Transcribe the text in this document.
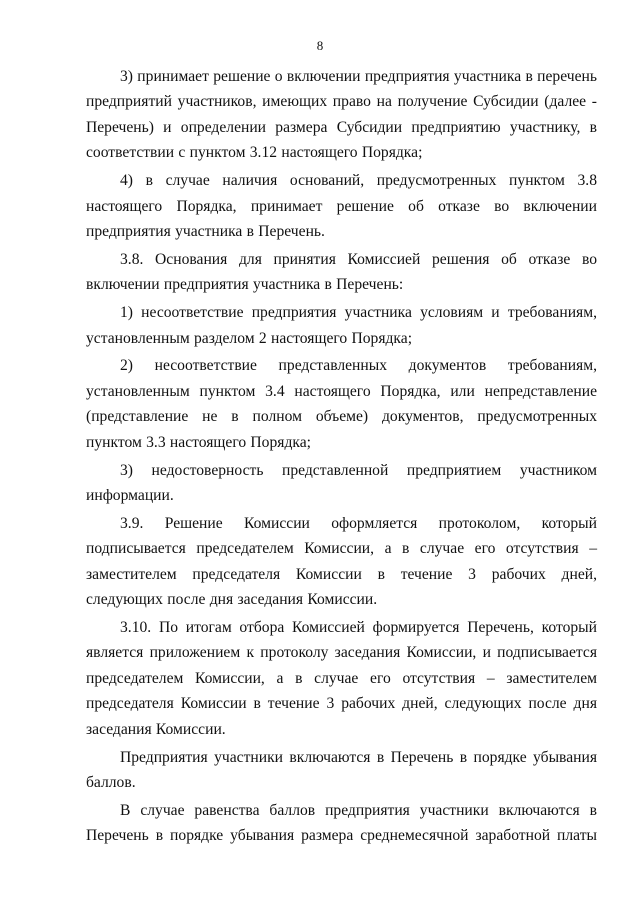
8

3) принимает решение о включении предприятия участника в перечень предприятий участников, имеющих право на получение Субсидии (далее - Перечень) и определении размера Субсидии предприятию участнику, в соответствии с пунктом 3.12 настоящего Порядка;

4) в случае наличия оснований, предусмотренных пунктом 3.8 настоящего Порядка, принимает решение об отказе во включении предприятия участника в Перечень.

3.8. Основания для принятия Комиссией решения об отказе во включении предприятия участника в Перечень:

1) несоответствие предприятия участника условиям и требованиям, установленным разделом 2 настоящего Порядка;

2) несоответствие представленных документов требованиям, установленным пунктом 3.4 настоящего Порядка, или непредставление (представление не в полном объеме) документов, предусмотренных пунктом 3.3 настоящего Порядка;

3) недостоверность представленной предприятием участником информации.

3.9. Решение Комиссии оформляется протоколом, который подписывается председателем Комиссии, а в случае его отсутствия – заместителем председателя Комиссии в течение 3 рабочих дней, следующих после дня заседания Комиссии.

3.10. По итогам отбора Комиссией формируется Перечень, который является приложением к протоколу заседания Комиссии, и подписывается председателем Комиссии, а в случае его отсутствия – заместителем председателя Комиссии в течение 3 рабочих дней, следующих после дня заседания Комиссии.

Предприятия участники включаются в Перечень в порядке убывания баллов.

В случае равенства баллов предприятия участники включаются в Перечень в порядке убывания размера среднемесячной заработной платы
